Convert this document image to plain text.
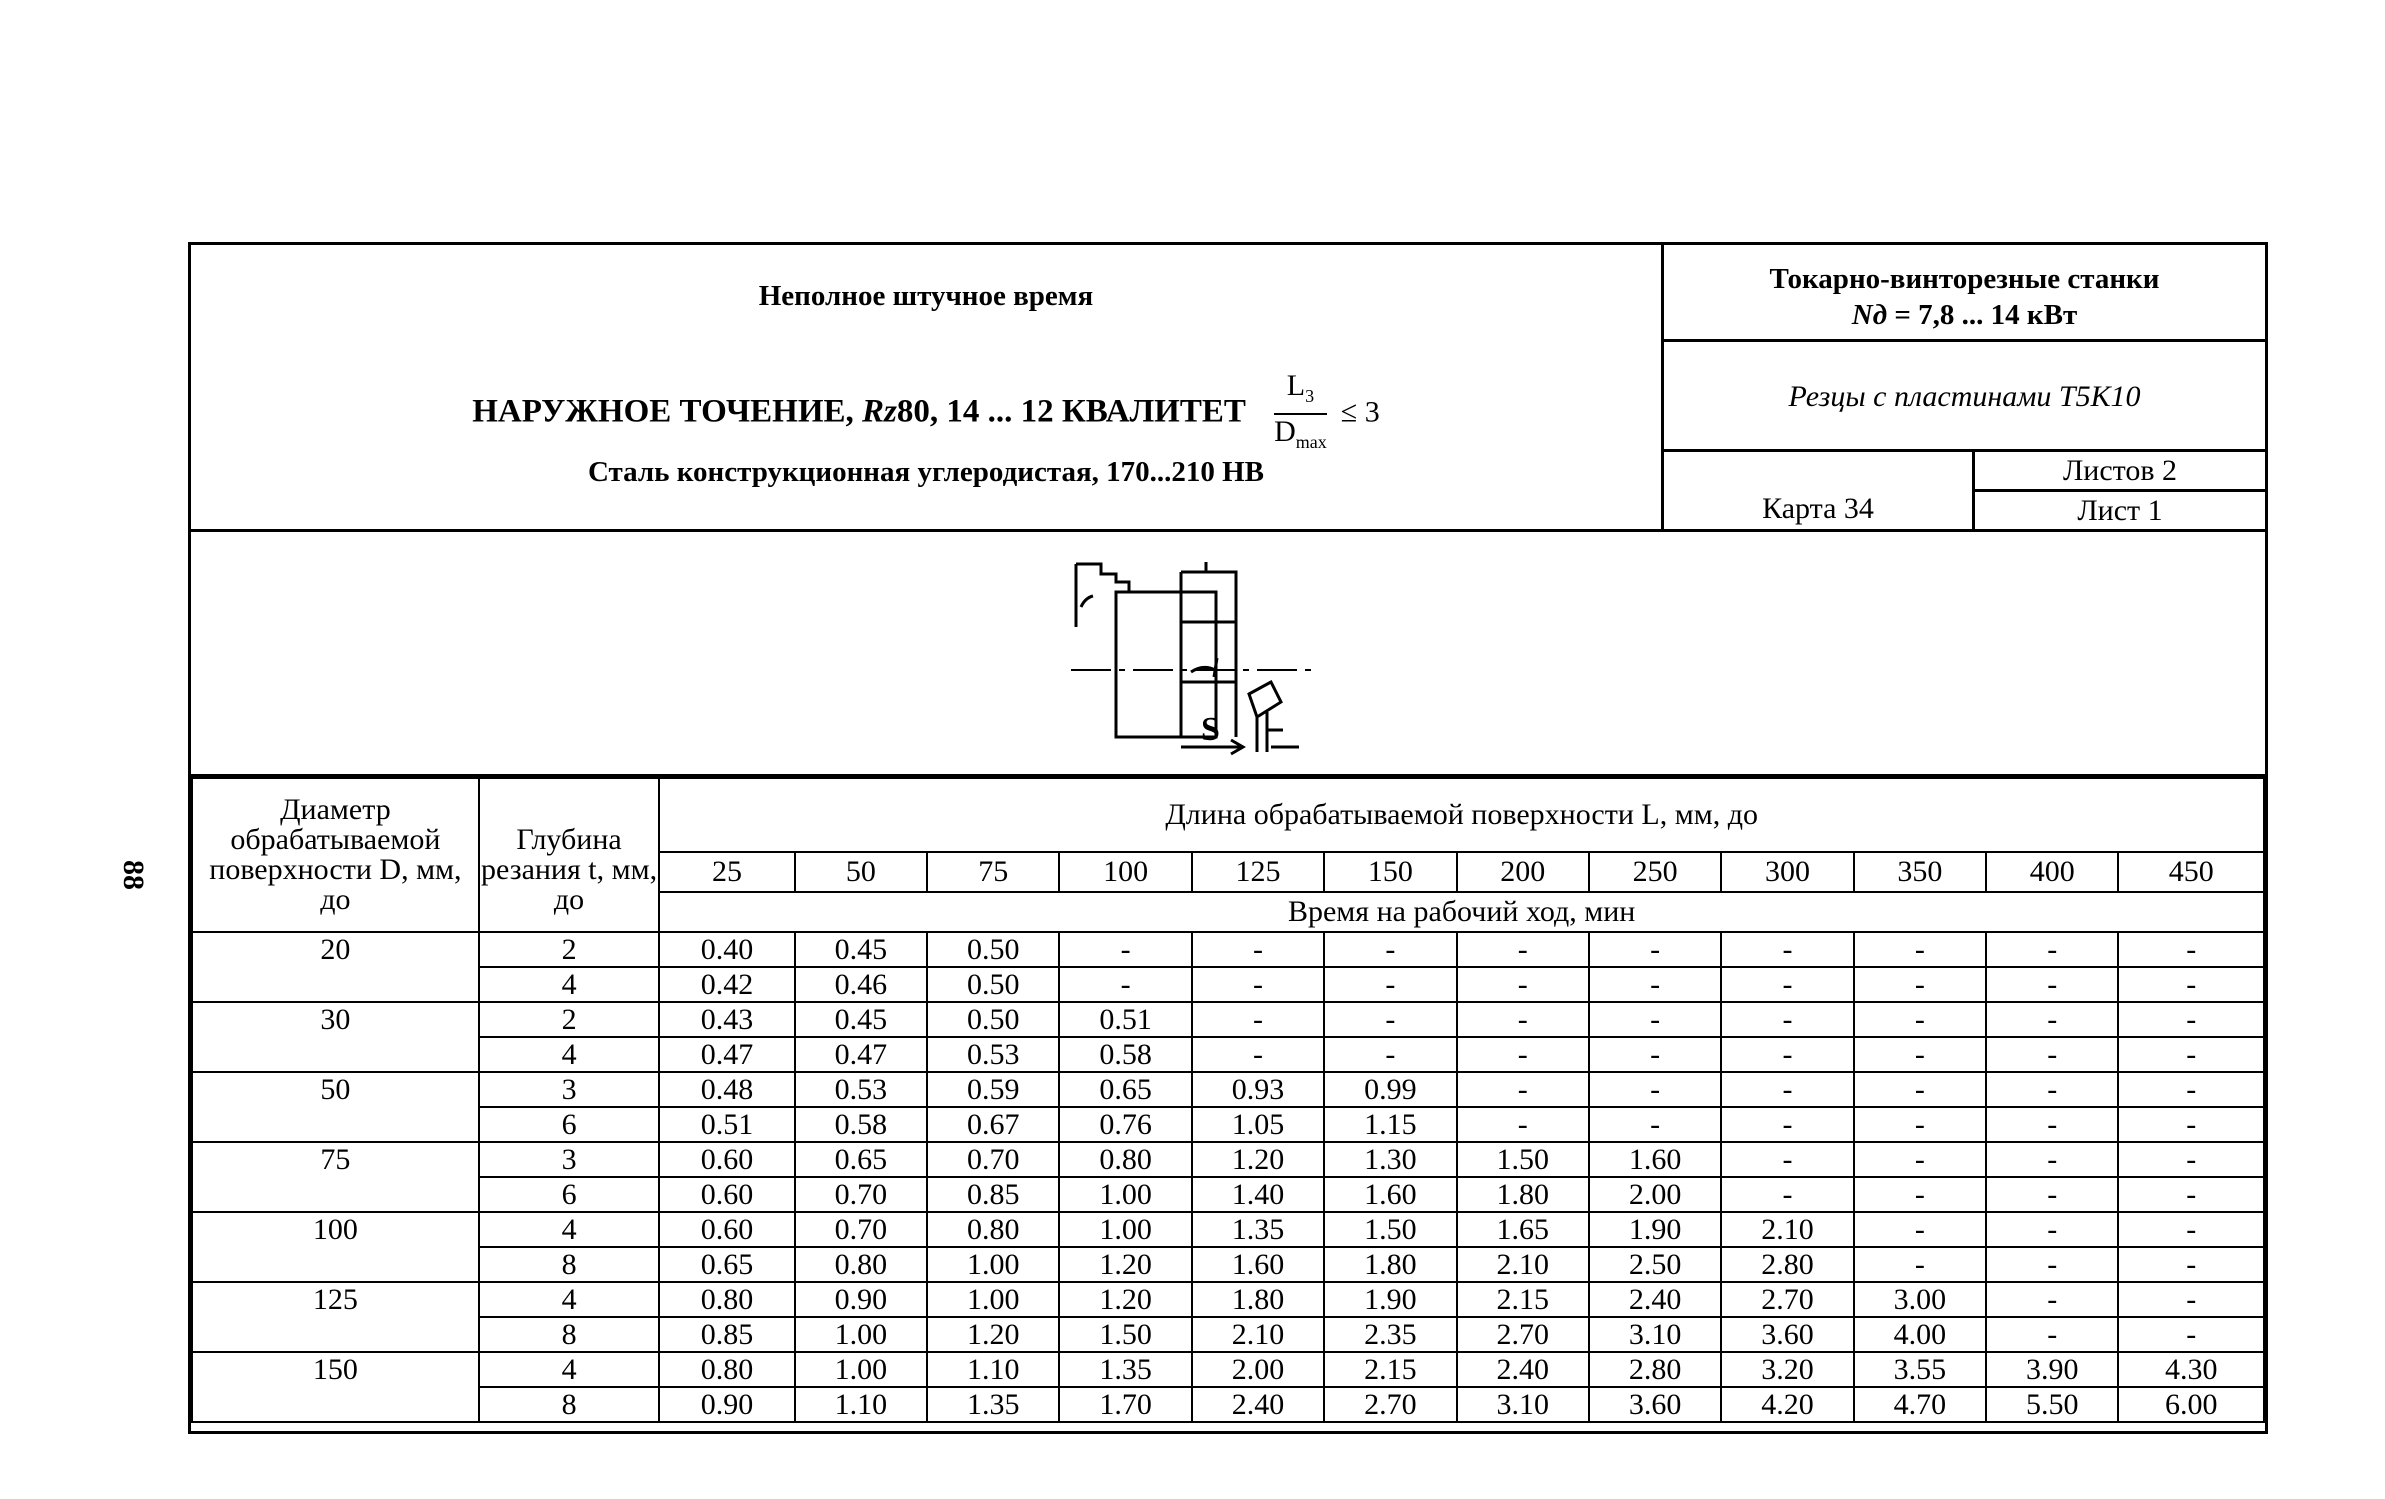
88
Неполное штучное время
НАРУЖНОЕ ТОЧЕНИЕ, Rz80, 14 ... 12 КВАЛИТЕТ $\frac{L_3}{D_{max}} \le 3$
Сталь конструкционная углеродистая, 170...210 HB
Токарно-винторезные станки
Nд = 7,8 ... 14 кВт
Резцы с пластинами Т5К10
Карта 34
Листов 2
Лист 1
S
Диаметр обрабатываемой поверхности D, мм, до	Глубина резания t, мм, до	Длина обрабатываемой поверхности L, мм, до											
		25	50	75	100	125	150	200	250	300	350	400	450
		Время на рабочий ход, мин											
20	2	0.40	0.45	0.50	-	-	-	-	-	-	-	-	-
	4	0.42	0.46	0.50	-	-	-	-	-	-	-	-	-
30	2	0.43	0.45	0.50	0.51	-	-	-	-	-	-	-	-
	4	0.47	0.47	0.53	0.58	-	-	-	-	-	-	-	-
50	3	0.48	0.53	0.59	0.65	0.93	0.99	-	-	-	-	-	-
	6	0.51	0.58	0.67	0.76	1.05	1.15	-	-	-	-	-	-
75	3	0.60	0.65	0.70	0.80	1.20	1.30	1.50	1.60	-	-	-	-
	6	0.60	0.70	0.85	1.00	1.40	1.60	1.80	2.00	-	-	-	-
100	4	0.60	0.70	0.80	1.00	1.35	1.50	1.65	1.90	2.10	-	-	-
	8	0.65	0.80	1.00	1.20	1.60	1.80	2.10	2.50	2.80	-	-	-
125	4	0.80	0.90	1.00	1.20	1.80	1.90	2.15	2.40	2.70	3.00	-	-
	8	0.85	1.00	1.20	1.50	2.10	2.35	2.70	3.10	3.60	4.00	-	-
150	4	0.80	1.00	1.10	1.35	2.00	2.15	2.40	2.80	3.20	3.55	3.90	4.30
	8	0.90	1.10	1.35	1.70	2.40	2.70	3.10	3.60	4.20	4.70	5.50	6.00
